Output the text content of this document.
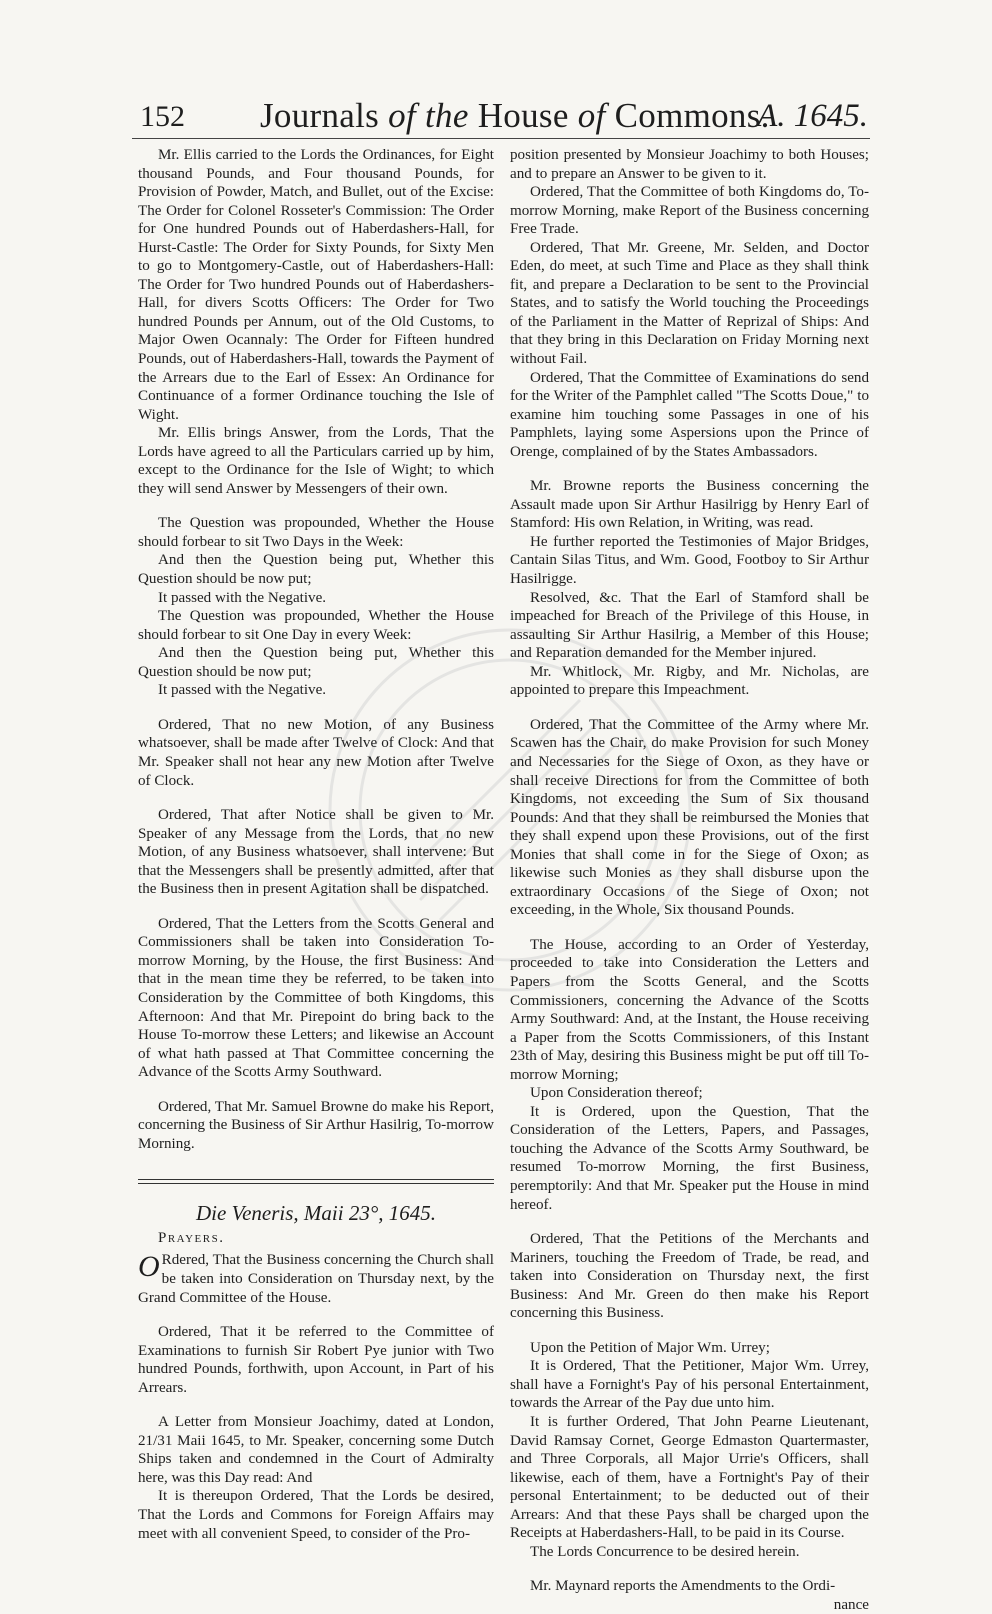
152 Journals of the House of Commons.
A. 1645.

Mr. Ellis carried to the Lords the Ordinances, for Eight thousand Pounds, and Four thousand Pounds, for Provision of Powder, Match, and Bullet, out of the Excise: The Order for Colonel Rosseter's Commission: The Order for One hundred Pounds out of Haberdashers-Hall, for Hurst-Castle: The Order for Sixty Pounds, for Sixty Men to go to Montgomery-Castle, out of Haberdashers-Hall: The Order for Two hundred Pounds out of Haberdashers-Hall, for divers Scotts Officers: The Order for Two hundred Pounds per Annum, out of the Old Customs, to Major Owen Ocannaly: The Order for Fifteen hundred Pounds, out of Haberdashers-Hall, towards the Payment of the Arrears due to the Earl of Essex: An Ordinance for Continuance of a former Ordinance touching the Isle of Wight.

Mr. Ellis brings Answer, from the Lords, That the Lords have agreed to all the Particulars carried up by him, except to the Ordinance for the Isle of Wight; to which they will send Answer by Messengers of their own.

The Question was propounded, Whether the House should forbear to sit Two Days in the Week:

And then the Question being put, Whether this Question should be now put;

It passed with the Negative.

The Question was propounded, Whether the House should forbear to sit One Day in every Week:

And then the Question being put, Whether this Question should be now put;

It passed with the Negative.

Ordered, That no new Motion, of any Business whatsoever, shall be made after Twelve of Clock: And that Mr. Speaker shall not hear any new Motion after Twelve of Clock.

Ordered, That after Notice shall be given to Mr. Speaker of any Message from the Lords, that no new Motion, of any Business whatsoever, shall intervene: But that the Messengers shall be presently admitted, after that the Business then in present Agitation shall be dispatched.

Ordered, That the Letters from the Scotts General and Commissioners shall be taken into Consideration To-morrow Morning, by the House, the first Business: And that in the mean time they be referred, to be taken into Consideration by the Committee of both Kingdoms, this Afternoon: And that Mr. Pirepoint do bring back to the House To-morrow these Letters; and likewise an Account of what hath passed at That Committee concerning the Advance of the Scotts Army Southward.

Ordered, That Mr. Samuel Browne do make his Report, concerning the Business of Sir Arthur Hasilrig, To-morrow Morning.

Die Veneris, Maii 23°, 1645.
Prayers.

O Rdered, That the Business concerning the Church shall be taken into Consideration on Thursday next, by the Grand Committee of the House.

Ordered, That it be referred to the Committee of Examinations to furnish Sir Robert Pye junior with Two hundred Pounds, forthwith, upon Account, in Part of his Arrears.

A Letter from Monsieur Joachimy, dated at London, 21/31 Maii 1645, to Mr. Speaker, concerning some Dutch Ships taken and condemned in the Court of Admiralty here, was this Day read: And

It is thereupon Ordered, That the Lords be desired, That the Lords and Commons for Foreign Affairs may meet with all convenient Speed, to consider of the Pro-

position presented by Monsieur Joachimy to both Houses; and to prepare an Answer to be given to it.

Ordered, That the Committee of both Kingdoms do, To-morrow Morning, make Report of the Business concerning Free Trade.

Ordered, That Mr. Greene, Mr. Selden, and Doctor Eden, do meet, at such Time and Place as they shall think fit, and prepare a Declaration to be sent to the Provincial States, and to satisfy the World touching the Proceedings of the Parliament in the Matter of Reprizal of Ships: And that they bring in this Declaration on Friday Morning next without Fail.

Ordered, That the Committee of Examinations do send for the Writer of the Pamphlet called "The Scotts Doue," to examine him touching some Passages in one of his Pamphlets, laying some Aspersions upon the Prince of Orenge, complained of by the States Ambassadors.

Mr. Browne reports the Business concerning the Assault made upon Sir Arthur Hasilrigg by Henry Earl of Stamford: His own Relation, in Writing, was read.

He further reported the Testimonies of Major Bridges, Cantain Silas Titus, and Wm. Good, Footboy to Sir Arthur Hasilrigge.

Resolved, &c. That the Earl of Stamford shall be impeached for Breach of the Privilege of this House, in assaulting Sir Arthur Hasilrig, a Member of this House; and Reparation demanded for the Member injured.

Mr. Whitlock, Mr. Rigby, and Mr. Nicholas, are appointed to prepare this Impeachment.

Ordered, That the Committee of the Army where Mr. Scawen has the Chair, do make Provision for such Money and Necessaries for the Siege of Oxon, as they have or shall receive Directions for from the Committee of both Kingdoms, not exceeding the Sum of Six thousand Pounds: And that they shall be reimbursed the Monies that they shall expend upon these Provisions, out of the first Monies that shall come in for the Siege of Oxon; as likewise such Monies as they shall disburse upon the extraordinary Occasions of the Siege of Oxon; not exceeding, in the Whole, Six thousand Pounds.

The House, according to an Order of Yesterday, proceeded to take into Consideration the Letters and Papers from the Scotts General, and the Scotts Commissioners, concerning the Advance of the Scotts Army Southward: And, at the Instant, the House receiving a Paper from the Scotts Commissioners, of this Instant 23th of May, desiring this Business might be put off till To-morrow Morning;

Upon Consideration thereof;

It is Ordered, upon the Question, That the Consideration of the Letters, Papers, and Passages, touching the Advance of the Scotts Army Southward, be resumed To-morrow Morning, the first Business, peremptorily: And that Mr. Speaker put the House in mind hereof.

Ordered, That the Petitions of the Merchants and Mariners, touching the Freedom of Trade, be read, and taken into Consideration on Thursday next, the first Business: And Mr. Green do then make his Report concerning this Business.

Upon the Petition of Major Wm. Urrey;

It is Ordered, That the Petitioner, Major Wm. Urrey, shall have a Fornight's Pay of his personal Entertainment, towards the Arrear of the Pay due unto him.

It is further Ordered, That John Pearne Lieutenant, David Ramsay Cornet, George Edmaston Quartermaster, and Three Corporals, all Major Urrie's Officers, shall likewise, each of them, have a Fortnight's Pay of their personal Entertainment; to be deducted out of their Arrears: And that these Pays shall be charged upon the Receipts at Haberdashers-Hall, to be paid in its Course.

The Lords Concurrence to be desired herein.

Mr. Maynard reports the Amendments to the Ordi-

nance
